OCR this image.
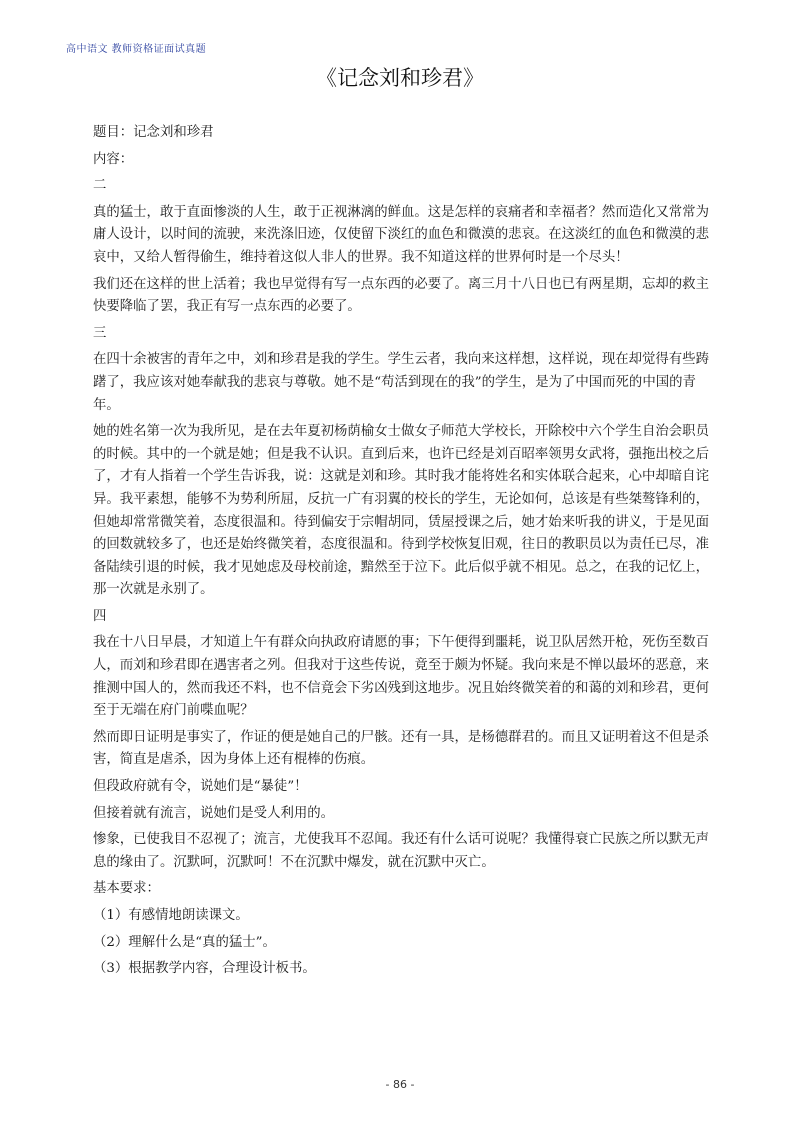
高中语文 教师资格证面试真题
《记念刘和珍君》

题目：记念刘和珍君

内容：

二

真的猛士，敢于直面惨淡的人生，敢于正视淋漓的鲜血。这是怎样的哀痛者和幸福者？然而造化又常常为庸人设计，以时间的流驶，来洗涤旧迹，仅使留下淡红的血色和微漠的悲哀。在这淡红的血色和微漠的悲哀中，又给人暂得偷生，维持着这似人非人的世界。我不知道这样的世界何时是一个尽头！

我们还在这样的世上活着；我也早觉得有写一点东西的必要了。离三月十八日也已有两星期，忘却的救主快要降临了罢，我正有写一点东西的必要了。

三

在四十余被害的青年之中，刘和珍君是我的学生。学生云者，我向来这样想，这样说，现在却觉得有些踌躇了，我应该对她奉献我的悲哀与尊敬。她不是“苟活到现在的我”的学生，是为了中国而死的中国的青年。

她的姓名第一次为我所见，是在去年夏初杨荫榆女士做女子师范大学校长，开除校中六个学生自治会职员的时候。其中的一个就是她；但是我不认识。直到后来，也许已经是刘百昭率领男女武将，强拖出校之后了，才有人指着一个学生告诉我，说：这就是刘和珍。其时我才能将姓名和实体联合起来，心中却暗自诧异。我平素想，能够不为势利所屈，反抗一广有羽翼的校长的学生，无论如何，总该是有些桀骜锋利的，但她却常常微笑着，态度很温和。待到偏安于宗帽胡同，赁屋授课之后，她才始来听我的讲义，于是见面的回数就较多了，也还是始终微笑着，态度很温和。待到学校恢复旧观，往日的教职员以为责任已尽，准备陆续引退的时候，我才见她虑及母校前途，黯然至于泣下。此后似乎就不相见。总之，在我的记忆上，那一次就是永别了。

四

我在十八日早晨，才知道上午有群众向执政府请愿的事；下午便得到噩耗，说卫队居然开枪，死伤至数百人，而刘和珍君即在遇害者之列。但我对于这些传说，竟至于颇为怀疑。我向来是不惮以最坏的恶意，来推测中国人的，然而我还不料，也不信竟会下劣凶残到这地步。况且始终微笑着的和蔼的刘和珍君，更何至于无端在府门前喋血呢？

然而即日证明是事实了，作证的便是她自己的尸骸。还有一具，是杨德群君的。而且又证明着这不但是杀害，简直是虐杀，因为身体上还有棍棒的伤痕。

但段政府就有令，说她们是“暴徒”！

但接着就有流言，说她们是受人利用的。

惨象，已使我目不忍视了；流言，尤使我耳不忍闻。我还有什么话可说呢？我懂得衰亡民族之所以默无声息的缘由了。沉默呵，沉默呵！不在沉默中爆发，就在沉默中灭亡。

基本要求：

（1）有感情地朗读课文。

（2）理解什么是“真的猛士”。

（3）根据教学内容，合理设计板书。

- 86 -
